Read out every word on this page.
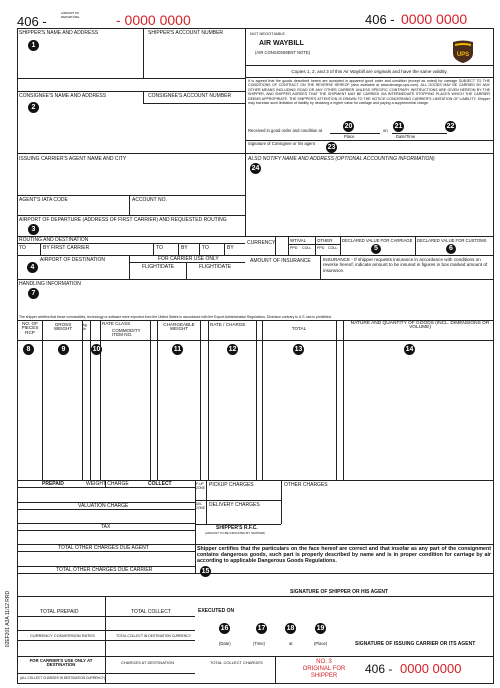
406 -
AIRPORT OF DEPARTURE	- 0000 0000	406 - 0000 0000
SHIPPER'S NAME AND ADDRESS	SHIPPER'S ACCOUNT NUMBER
1
NOT NEGOTIABLE
AIR WAYBILL
(AIR CONSIGNMENT NOTE)	UPS
Copies 1, 2, and 3 of this Air Waybill are originals and have the same validity.
It is agreed that the goods described herein are accepted in apparent good order and condition (except as noted) for carriage SUBJECT TO THE CONDITIONS OF CONTRACT ON THE REVERSE HEREOF (also available at www.aircargo.ups.com). ALL GOODS MAY BE CARRIED BY ANY OTHER MEANS INCLUDING ROAD OR ANY OTHER CARRIER UNLESS SPECIFIC CONTRARY INSTRUCTIONS ARE GIVEN HEREON BY THE SHIPPER, AND SHIPPER AGREES THAT THE SHIPMENT MAY BE CARRIED VIA INTERMEDIATE STOPPING PLACES WHICH THE CARRIER DEEMS APPROPRIATE. THE SHIPPER'S ATTENTION IS DRAWN TO THE NOTICE CONCERNING CARRIER'S LIMITATION OF LIABILITY. Shipper may increase such limitation of liability by declaring a higher value for carriage and paying a supplemental charge.
Received in good order and condition at	on
Place	Date/Time
20	21	22
Signature of Consignee or his agent
23
CONSIGNEE'S NAME AND ADDRESS	CONSIGNEE'S ACCOUNT NUMBER
2
ISSUING CARRIER'S AGENT NAME AND CITY	ALSO NOTIFY NAME AND ADDRESS (OPTIONAL ACCOUNTING INFORMATION)
24
AGENT'S IATA CODE	ACCOUNT NO.
AIRPORT OF DEPARTURE (ADDRESS OF FIRST CARRIER) AND REQUESTED ROUTING
3
ROUTING AND DESTINATION
TO	BY FIRST CARRIER	TO	BY	TO	BY
CURRENCY	WT/VAL OTHER
PPD COLL PPD COLL
DECLARED VALUE FOR CARRIAGE
5
DECLARED VALUE FOR CUSTOMS
6
AIRPORT OF DESTINATION
4
FOR CARRIER USE ONLY
FLIGHT/DATE	FLIGHT/DATE
AMOUNT OF INSURANCE	INSURANCE - If shipper requests insurance in accordance with conditions on reverse hereof, indicate amount to be insured in figures in box marked amount of insurance.
HANDLING INFORMATION
7
The shipper certifies that these commodities, technology or software were exported from the United States in accordance with the Export Administration Regulations. Diversion contrary to U.S. law is prohibited.
NO. OF PIECES RCP
GROSS WEIGHT
kg lb
RATE CLASS
COMMODITY ITEM NO.
CHARGEABLE WEIGHT
RATE / CHARGE
TOTAL
NATURE AND QUANTITY OF GOODS (INCL. DIMENSIONS OR VOLUME)
8	9	10	11	12	13	14
PREPAID	WEIGHT CHARGE	COLLECT
VALUATION CHARGE
TAX
TOTAL OTHER CHARGES DUE AGENT
TOTAL OTHER CHARGES DUE CARRIER
P-UP ZONE
PICKUP CHARGES	OTHER CHARGES
DEL ZONE
DELIVERY CHARGES
SHIPPER'S R.F.C.
(AMOUNT TO BE INDICATED BY SHIPPER)
Shipper certifies that the particulars on the face hereof are correct and that insofar as any part of the consignment contains dangerous goods, such part is properly described by name and is in proper condition for carriage by air according to applicable Dangerous Goods Regulations.
15
SIGNATURE OF SHIPPER OR HIS AGENT
TOTAL PREPAID	TOTAL COLLECT
CURRENCY CONVERSION RATES	TOTAL COLLECT IN DESTINATION CURRENCY
EXECUTED ON
16	17	18	19
(Date)	(Time)	at	(Place)	SIGNATURE OF ISSUING CARRIER OR ITS AGENT
FOR CARRIER'S USE ONLY AT DESTINATION	CHARGES AT DESTINATION
(ALL COLLECT CHARGES IN DESTINATION CURRENCY)
TOTAL COLLECT CHARGES	NO. 3
ORIGINAL FOR
SHIPPER	406 - 0000 0000
02EF201 A3A 11/12 RRD
